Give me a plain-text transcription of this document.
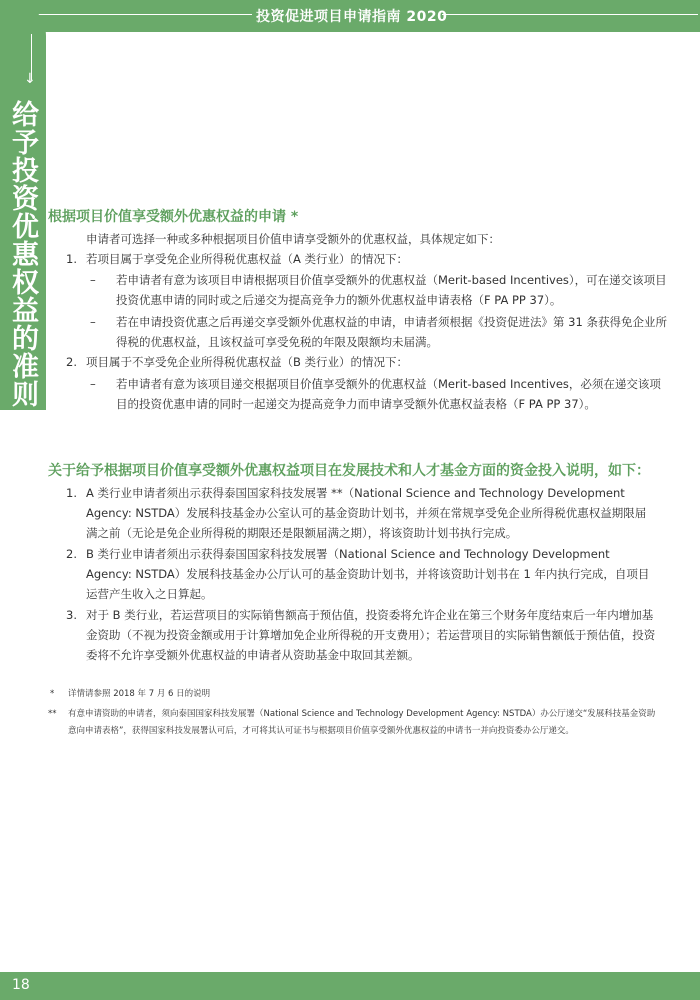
投资促进项目申请指南 2020
↓
给予投资优惠权益的准则 根据项目价值享受额外优惠权益的申请 *
申请者可选择一种或多种根据项目价值申请享受额外的优惠权益，具体规定如下：
1. 若项目属于享受免企业所得税优惠权益（A 类行业）的情况下：
– 若申请者有意为该项目申请根据项目价值享受额外的优惠权益（Merit-based Incentives），可在递交该项目投资优惠申请的同时或之后递交为提高竞争力的额外优惠权益申请表格（F PA PP 37）。
– 若在申请投资优惠之后再递交享受额外优惠权益的申请，申请者须根据《投资促进法》第 31 条获得免企业所得税的优惠权益，且该权益可享受免税的年限及限额均未届满。
2. 项目属于不享受免企业所得税优惠权益（B 类行业）的情况下：
– 若申请者有意为该项目递交根据项目价值享受额外的优惠权益（Merit-based Incentives，必须在递交该项目的投资优惠申请的同时一起递交为提高竞争力而申请享受额外优惠权益表格（F PA PP 37）。
关于给予根据项目价值享受额外优惠权益项目在发展技术和人才基金方面的资金投入说明，如下：
1. A 类行业申请者须出示获得泰国国家科技发展署 **（National Science and Technology Development Agency: NSTDA）发展科技基金办公室认可的基金资助计划书，并须在常规享受免企业所得税优惠权益期限届满之前（无论是免企业所得税的期限还是限额届满之期），将该资助计划书执行完成。
2. B 类行业申请者须出示获得泰国国家科技发展署（National Science and Technology Development Agency: NSTDA）发展科技基金办公厅认可的基金资助计划书，并将该资助计划书在 1 年内执行完成，自项目运营产生收入之日算起。
3. 对于 B 类行业，若运营项目的实际销售额高于预估值，投资委将允许企业在第三个财务年度结束后一年内增加基金资助（不视为投资金额或用于计算增加免企业所得税的开支费用）；若运营项目的实际销售额低于预估值，投资委将不允许享受额外优惠权益的申请者从资助基金中取回其差额。
* 详情请参照 2018 年 7 月 6 日的说明
** 有意申请资助的申请者，须向泰国国家科技发展署（National Science and Technology Development Agency: NSTDA）办公厅递交“发展科技基金资助意向申请表格”，获得国家科技发展署认可后，才可将其认可证书与根据项目价值享受额外优惠权益的申请书一并向投资委办公厅递交。
18
